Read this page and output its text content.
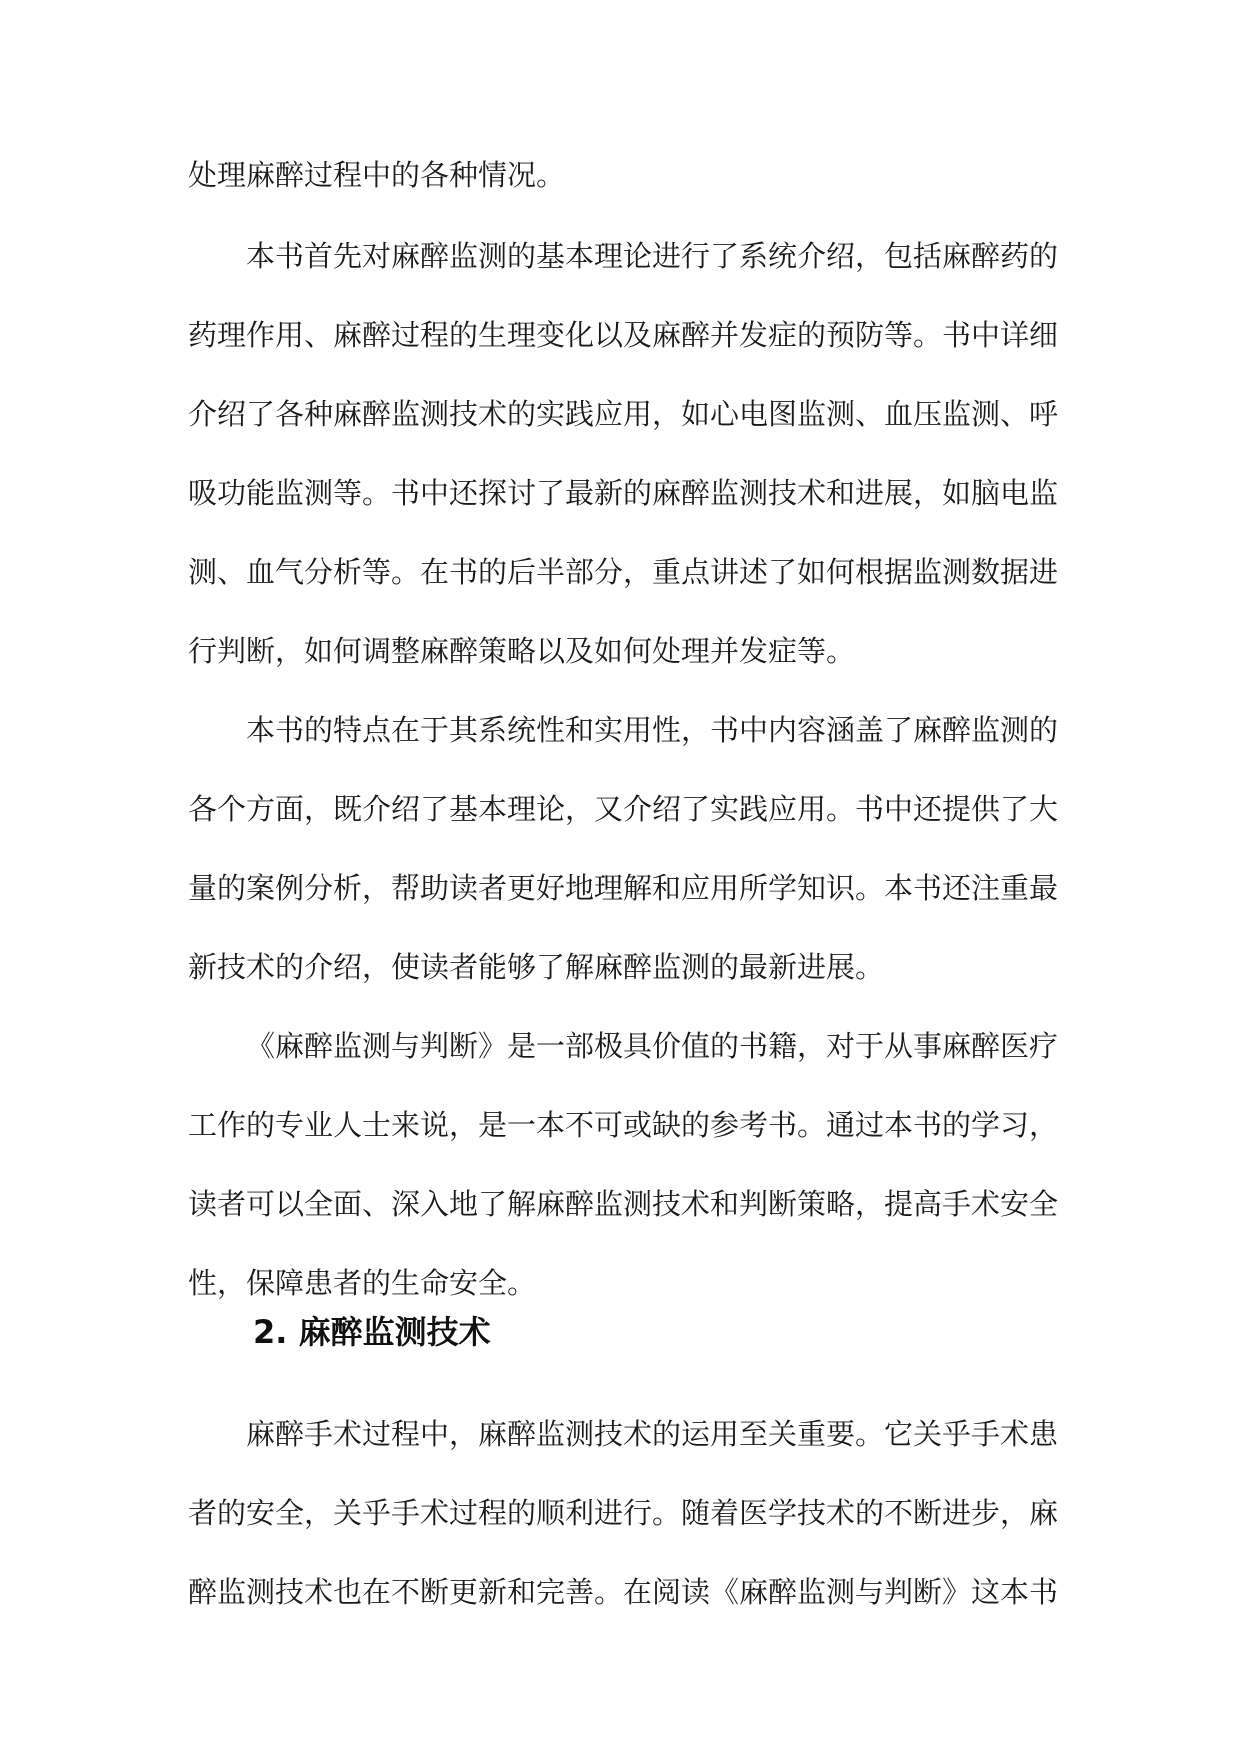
处理麻醉过程中的各种情况。
本书首先对麻醉监测的基本理论进行了系统介绍，包括麻醉药的
药理作用、麻醉过程的生理变化以及麻醉并发症的预防等。书中详细
介绍了各种麻醉监测技术的实践应用，如心电图监测、血压监测、呼
吸功能监测等。书中还探讨了最新的麻醉监测技术和进展，如脑电监
测、血气分析等。在书的后半部分，重点讲述了如何根据监测数据进
行判断，如何调整麻醉策略以及如何处理并发症等。
本书的特点在于其系统性和实用性，书中内容涵盖了麻醉监测的
各个方面，既介绍了基本理论，又介绍了实践应用。书中还提供了大
量的案例分析，帮助读者更好地理解和应用所学知识。本书还注重最
新技术的介绍，使读者能够了解麻醉监测的最新进展。
《麻醉监测与判断》是一部极具价值的书籍，对于从事麻醉医疗
工作的专业人士来说，是一本不可或缺的参考书。通过本书的学习，
读者可以全面、深入地了解麻醉监测技术和判断策略，提高手术安全
性，保障患者的生命安全。
2. 麻醉监测技术
麻醉手术过程中，麻醉监测技术的运用至关重要。它关乎手术患
者的安全，关乎手术过程的顺利进行。随着医学技术的不断进步，麻
醉监测技术也在不断更新和完善。在阅读《麻醉监测与判断》这本书
